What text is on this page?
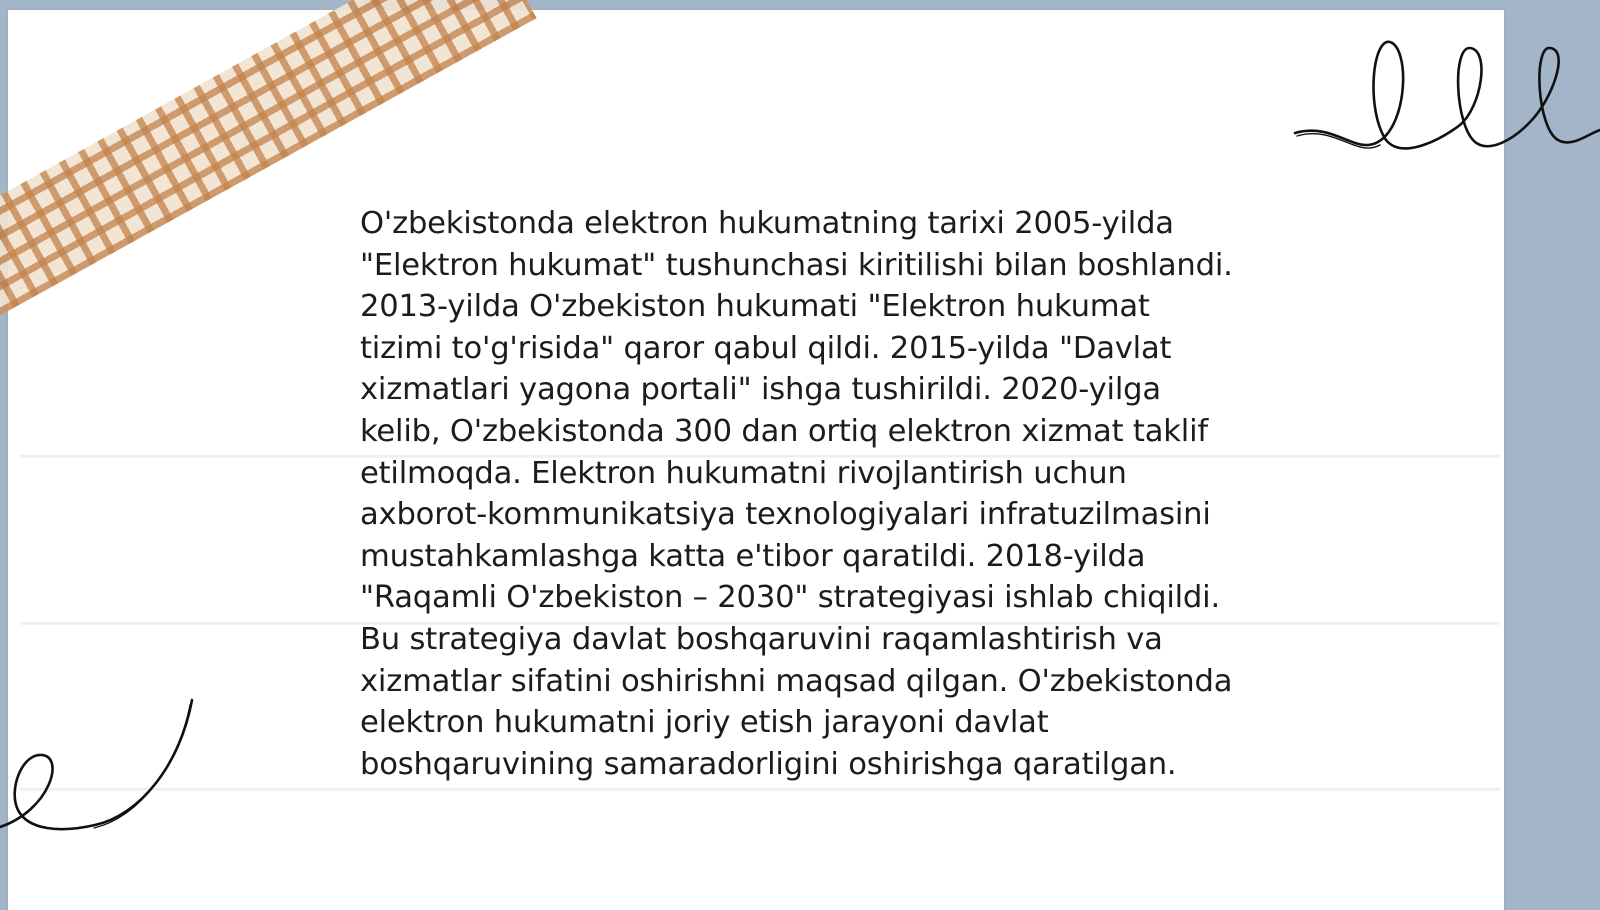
O'zbekistonda elektron hukumatning tarixi 2005-yilda "Elektron hukumat" tushunchasi kiritilishi bilan boshlandi. 2013-yilda O'zbekiston hukumati "Elektron hukumat tizimi to'g'risida" qaror qabul qildi. 2015-yilda "Davlat xizmatlari yagona portali" ishga tushirildi. 2020-yilga kelib, O'zbekistonda 300 dan ortiq elektron xizmat taklif etilmoqda. Elektron hukumatni rivojlantirish uchun axborot-kommunikatsiya texnologiyalari infratuzilmasini mustahkamlashga katta e'tibor qaratildi. 2018-yilda "Raqamli O'zbekiston – 2030" strategiyasi ishlab chiqildi. Bu strategiya davlat boshqaruvini raqamlashtirish va xizmatlar sifatini oshirishni maqsad qilgan. O'zbekistonda elektron hukumatni joriy etish jarayoni davlat boshqaruvining samaradorligini oshirishga qaratilgan.
